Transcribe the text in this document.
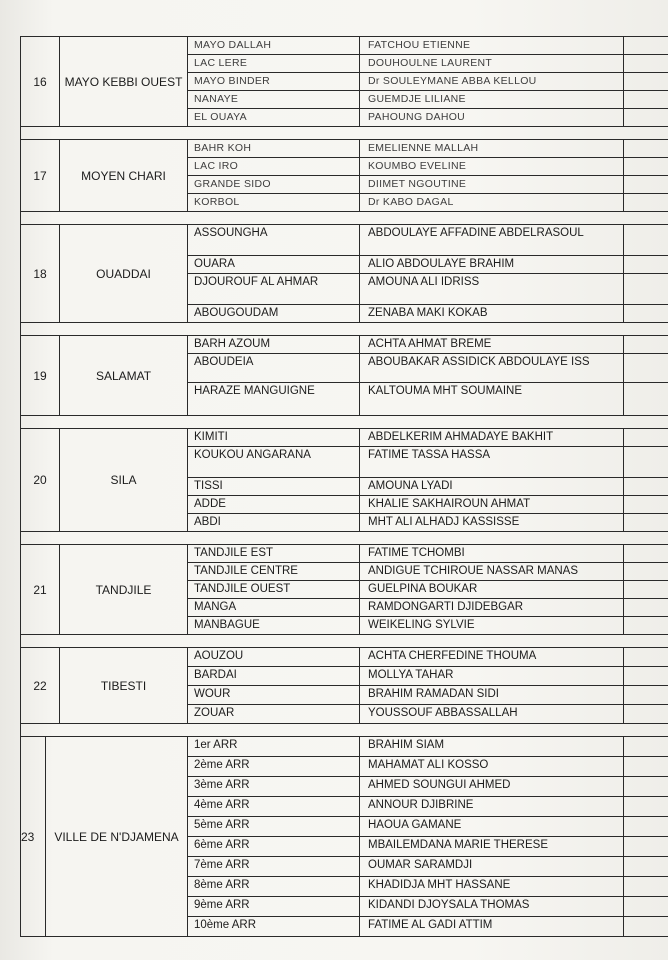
16	MAYO KEBBI OUEST
MAYO DALLAH	FATCHOU ETIENNE
LAC LERE	DOUHOULNE LAURENT
MAYO BINDER	Dr SOULEYMANE ABBA KELLOU
NANAYE	GUEMDJE LILIANE
EL OUAYA	PAHOUNG DAHOU
17	MOYEN CHARI
BAHR KOH	EMELIENNE MALLAH
LAC IRO	KOUMBO EVELINE
GRANDE SIDO	DIIMET NGOUTINE
KORBOL	Dr KABO DAGAL
18	OUADDAI
ASSOUNGHA	ABDOULAYE AFFADINE ABDELRASOUL
OUARA	ALIO ABDOULAYE BRAHIM
DJOUROUF AL AHMAR	AMOUNA ALI IDRISS
ABOUGOUDAM	ZENABA MAKI KOKAB
19	SALAMAT
BARH AZOUM	ACHTA AHMAT BREME
ABOUDEIA	ABOUBAKAR ASSIDICK ABDOULAYE ISS
HARAZE MANGUIGNE	KALTOUMA MHT SOUMAINE
20	SILA
KIMITI	ABDELKERIM AHMADAYE BAKHIT
KOUKOU ANGARANA	FATIME TASSA HASSA
TISSI	AMOUNA LYADI
ADDE	KHALIE SAKHAIROUN AHMAT
ABDI	MHT ALI ALHADJ KASSISSE
21	TANDJILE
TANDJILE EST	FATIME TCHOMBI
TANDJILE CENTRE	ANDIGUE TCHIROUE NASSAR MANAS
TANDJILE OUEST	GUELPINA BOUKAR
MANGA	RAMDONGARTI DJIDEBGAR
MANBAGUE	WEIKELING SYLVIE
22	TIBESTI
AOUZOU	ACHTA CHERFEDINE THOUMA
BARDAI	MOLLYA TAHAR
WOUR	BRAHIM RAMADAN SIDI
ZOUAR	YOUSSOUF ABBASSALLAH
23	VILLE DE N'DJAMENA
1er ARR	BRAHIM SIAM
2ème ARR	MAHAMAT ALI KOSSO
3ème ARR	AHMED SOUNGUI AHMED
4ème ARR	ANNOUR DJIBRINE
5ème ARR	HAOUA GAMANE
6ème ARR	MBAILEMDANA MARIE THERESE
7ème ARR	OUMAR SARAMDJI
8ème ARR	KHADIDJA MHT HASSANE
9ème ARR	KIDANDI DJOYSALA THOMAS
10ème ARR	FATIME AL GADI ATTIM
